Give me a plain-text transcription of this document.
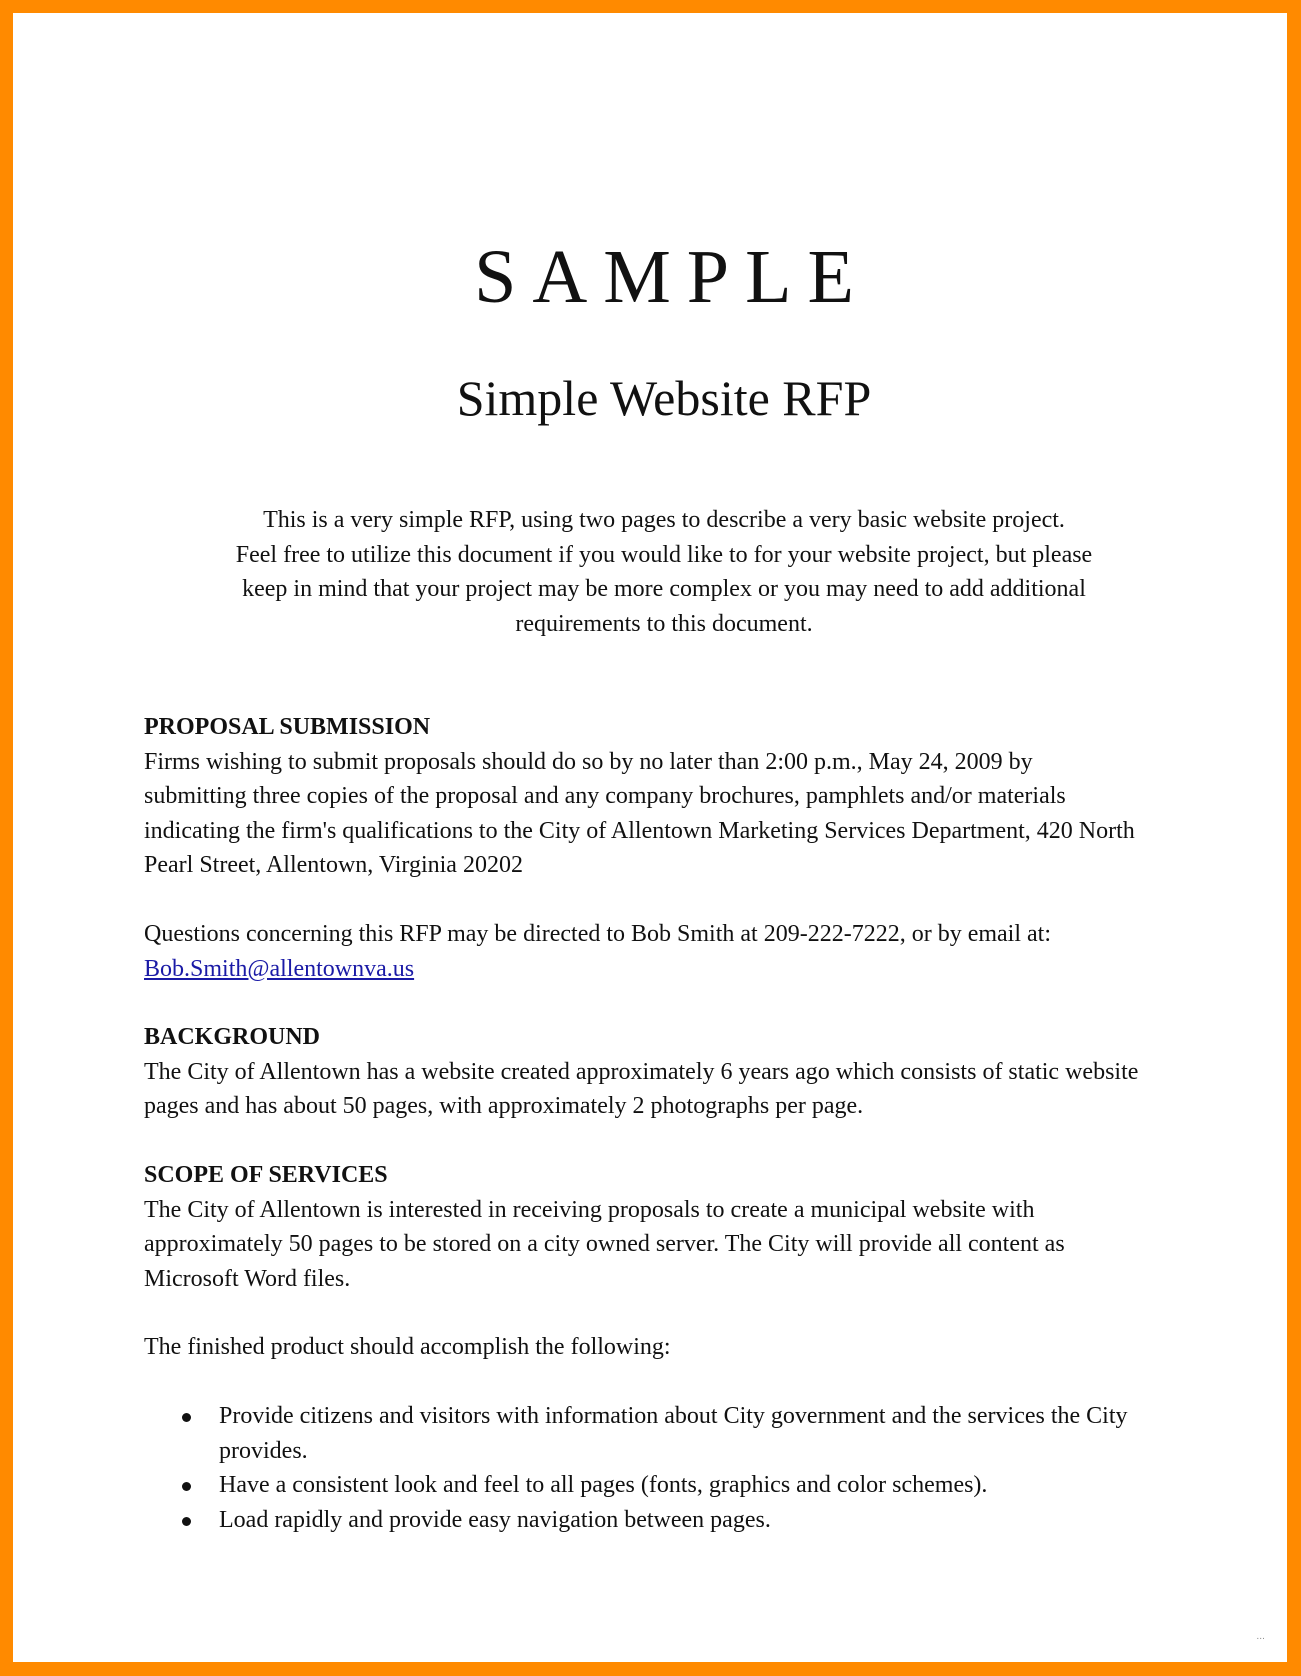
SAMPLE
Simple Website RFP
This is a very simple RFP, using two pages to describe a very basic website project.
Feel free to utilize this document if you would like to for your website project, but please
keep in mind that your project may be more complex or you may need to add additional
requirements to this document.
PROPOSAL SUBMISSION
Firms wishing to submit proposals should do so by no later than 2:00 p.m., May 24, 2009 by
submitting three copies of the proposal and any company brochures, pamphlets and/or materials
indicating the firm's qualifications to the City of Allentown Marketing Services Department, 420 North
Pearl Street, Allentown, Virginia 20202
Questions concerning this RFP may be directed to Bob Smith at 209-222-7222, or by email at:
Bob.Smith@allentownva.us
BACKGROUND
The City of Allentown has a website created approximately 6 years ago which consists of static website
pages and has about 50 pages, with approximately 2 photographs per page.
SCOPE OF SERVICES
The City of Allentown is interested in receiving proposals to create a municipal website with
approximately 50 pages to be stored on a city owned server. The City will provide all content as
Microsoft Word files.
The finished product should accomplish the following:
Provide citizens and visitors with information about City government and the services the City
provides.
Have a consistent look and feel to all pages (fonts, graphics and color schemes).
Load rapidly and provide easy navigation between pages.
...
